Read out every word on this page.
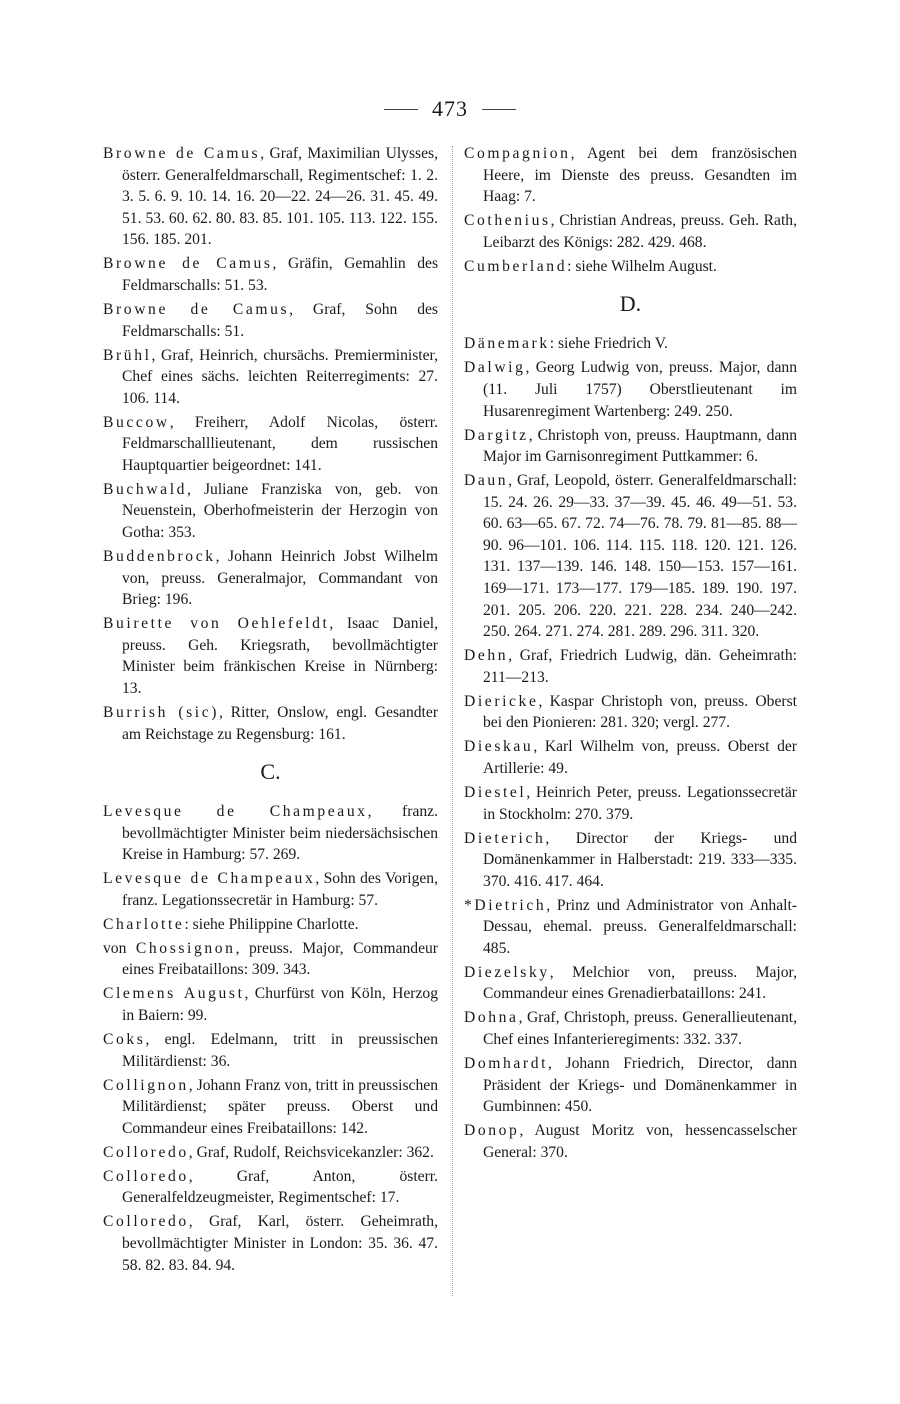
473
Browne de Camus, Graf, Maximilian Ulysses, österr. Generalfeldmarschall, Regimentschef: 1. 2. 3. 5. 6. 9. 10. 14. 16. 20—22. 24—26. 31. 45. 49. 51. 53. 60. 62. 80. 83. 85. 101. 105. 113. 122. 155. 156. 185. 201.
Browne de Camus, Gräfin, Gemahlin des Feldmarschalls: 51. 53.
Browne de Camus, Graf, Sohn des Feldmarschalls: 51.
Brühl, Graf, Heinrich, chursächs. Premierminister, Chef eines sächs. leichten Reiterregiments: 27. 106. 114.
Buccow, Freiherr, Adolf Nicolas, österr. Feldmarschalllieutenant, dem russischen Hauptquartier beigeordnet: 141.
Buchwald, Juliane Franziska von, geb. von Neuenstein, Oberhofmeisterin der Herzogin von Gotha: 353.
Buddenbrock, Johann Heinrich Jobst Wilhelm von, preuss. Generalmajor, Commandant von Brieg: 196.
Buirette von Oehlefeldt, Isaac Daniel, preuss. Geh. Kriegsrath, bevollmächtigter Minister beim fränkischen Kreise in Nürnberg: 13.
Burrish (sic), Ritter, Onslow, engl. Gesandter am Reichstage zu Regensburg: 161.
C.
Levesque de Champeaux, franz. bevollmächtigter Minister beim niedersächsischen Kreise in Hamburg: 57. 269.
Levesque de Champeaux, Sohn des Vorigen, franz. Legationssecretär in Hamburg: 57.
Charlotte: siehe Philippine Charlotte.
von Chossignon, preuss. Major, Commandeur eines Freibataillons: 309. 343.
Clemens August, Churfürst von Köln, Herzog in Baiern: 99.
Coks, engl. Edelmann, tritt in preussischen Militärdienst: 36.
Collignon, Johann Franz von, tritt in preussischen Militärdienst; später preuss. Oberst und Commandeur eines Freibataillons: 142.
Colloredo, Graf, Rudolf, Reichsvicekanzler: 362.
Colloredo, Graf, Anton, österr. Generalfeldzeugmeister, Regimentschef: 17.
Colloredo, Graf, Karl, österr. Geheimrath, bevollmächtigter Minister in London: 35. 36. 47. 58. 82. 83. 84. 94.
Compagnion, Agent bei dem französischen Heere, im Dienste des preuss. Gesandten im Haag: 7.
Cothenius, Christian Andreas, preuss. Geh. Rath, Leibarzt des Königs: 282. 429. 468.
Cumberland: siehe Wilhelm August.
D.
Dänemark: siehe Friedrich V.
Dalwig, Georg Ludwig von, preuss. Major, dann (11. Juli 1757) Oberstlieutenant im Husarenregiment Wartenberg: 249. 250.
Dargitz, Christoph von, preuss. Hauptmann, dann Major im Garnisonregiment Puttkammer: 6.
Daun, Graf, Leopold, österr. Generalfeldmarschall: 15. 24. 26. 29—33. 37—39. 45. 46. 49—51. 53. 60. 63—65. 67. 72. 74—76. 78. 79. 81—85. 88—90. 96—101. 106. 114. 115. 118. 120. 121. 126. 131. 137—139. 146. 148. 150—153. 157—161. 169—171. 173—177. 179—185. 189. 190. 197. 201. 205. 206. 220. 221. 228. 234. 240—242. 250. 264. 271. 274. 281. 289. 296. 311. 320.
Dehn, Graf, Friedrich Ludwig, dän. Geheimrath: 211—213.
Diericke, Kaspar Christoph von, preuss. Oberst bei den Pionieren: 281. 320; vergl. 277.
Dieskau, Karl Wilhelm von, preuss. Oberst der Artillerie: 49.
Diestel, Heinrich Peter, preuss. Legationssecretär in Stockholm: 270. 379.
Dieterich, Director der Kriegs- und Domänenkammer in Halberstadt: 219. 333—335. 370. 416. 417. 464.
*Dietrich, Prinz und Administrator von Anhalt-Dessau, ehemal. preuss. Generalfeldmarschall: 485.
Diezelsky, Melchior von, preuss. Major, Commandeur eines Grenadierbataillons: 241.
Dohna, Graf, Christoph, preuss. Generallieutenant, Chef eines Infanterieregiments: 332. 337.
Domhardt, Johann Friedrich, Director, dann Präsident der Kriegs- und Domänenkammer in Gumbinnen: 450.
Donop, August Moritz von, hessencasselscher General: 370.
